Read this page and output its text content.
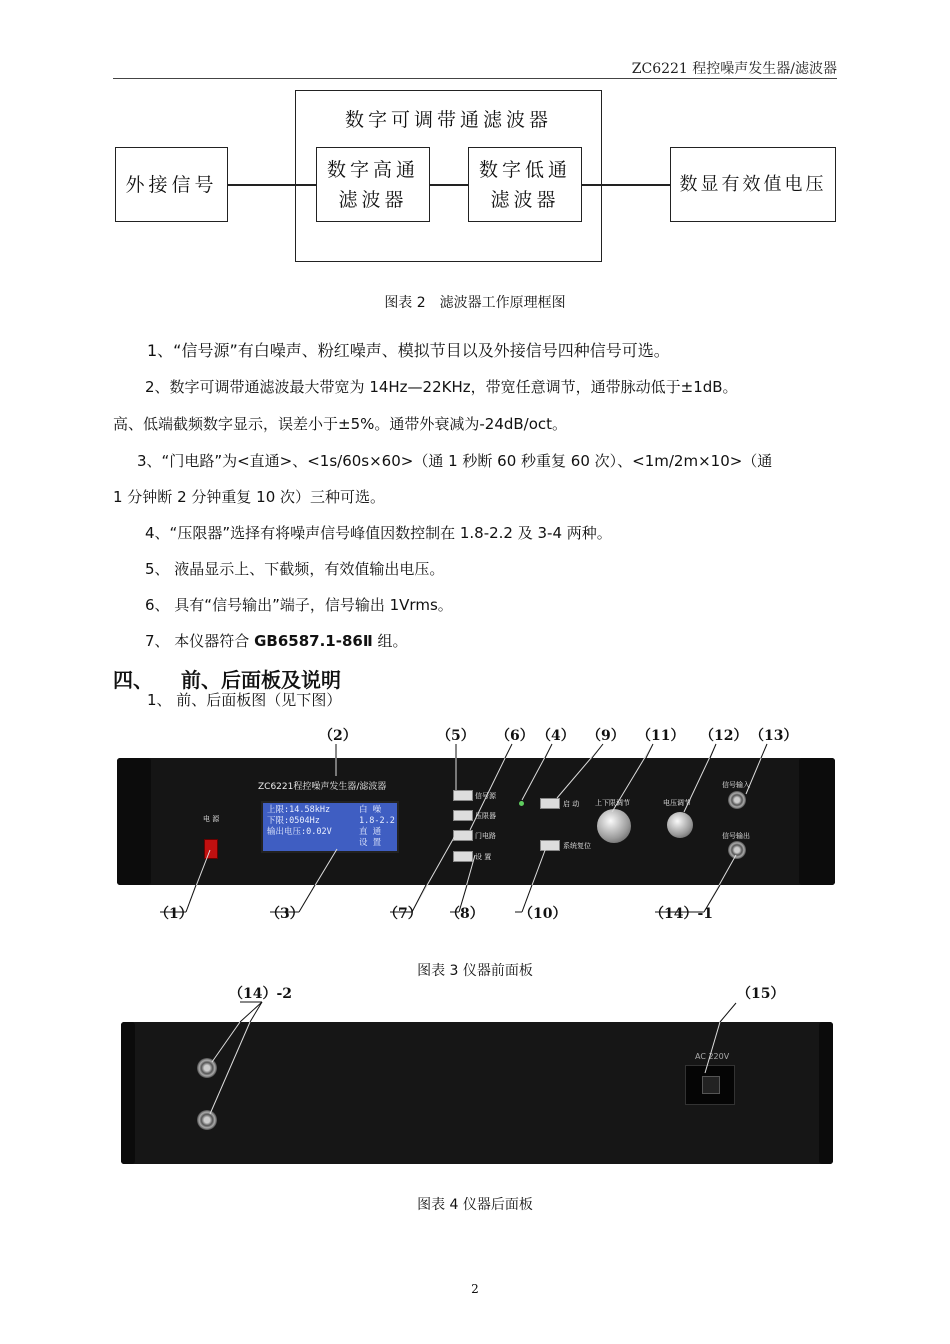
ZC6221 程控噪声发生器/滤波器
数字可调带通滤波器
外接信号
数字高通
滤波器
数字低通
滤波器
数显有效值电压
图表 2　滤波器工作原理框图
1、“信号源”有白噪声、粉红噪声、模拟节目以及外接信号四种信号可选。
2、数字可调带通滤波最大带宽为 14Hz—22KHz，带宽任意调节，通带脉动低于±1dB。
高、低端截频数字显示，误差小于±5%。通带外衰减为-24dB/oct。
3、“门电路”为<直通>、<1s/60s×60>（通 1 秒断 60 秒重复 60 次）、<1m/2m×10>（通
1 分钟断 2 分钟重复 10 次）三种可选。
4、“压限器”选择有将噪声信号峰值因数控制在 1.8-2.2 及 3-4 两种。
5、 液晶显示上、下截频，有效值输出电压。
6、 具有“信号输出”端子，信号输出 1Vrms。
7、 本仪器符合 GB6587.1-86Ⅱ 组。
四、 前、后面板及说明
1、 前、后面板图（见下图）
（2）	（5） （6） （4） （9） （11） （12） （13）
ZC6221程控噪声发生器/滤波器
电 源
上限:14.58kHz	白 噪
下限:0504Hz	1.8-2.2
输出电压:0.02V	直 通
设 置
信号源
压限器
门电路
设 置
启 动
系统复位
上下限调节	电压调节
信号输入
信号输出
（1）	（3）	（7） （8）	（10）	（14）-1
图表 3 仪器前面板
（14）-2	（15）
AC 220V
图表 4 仪器后面板
2
